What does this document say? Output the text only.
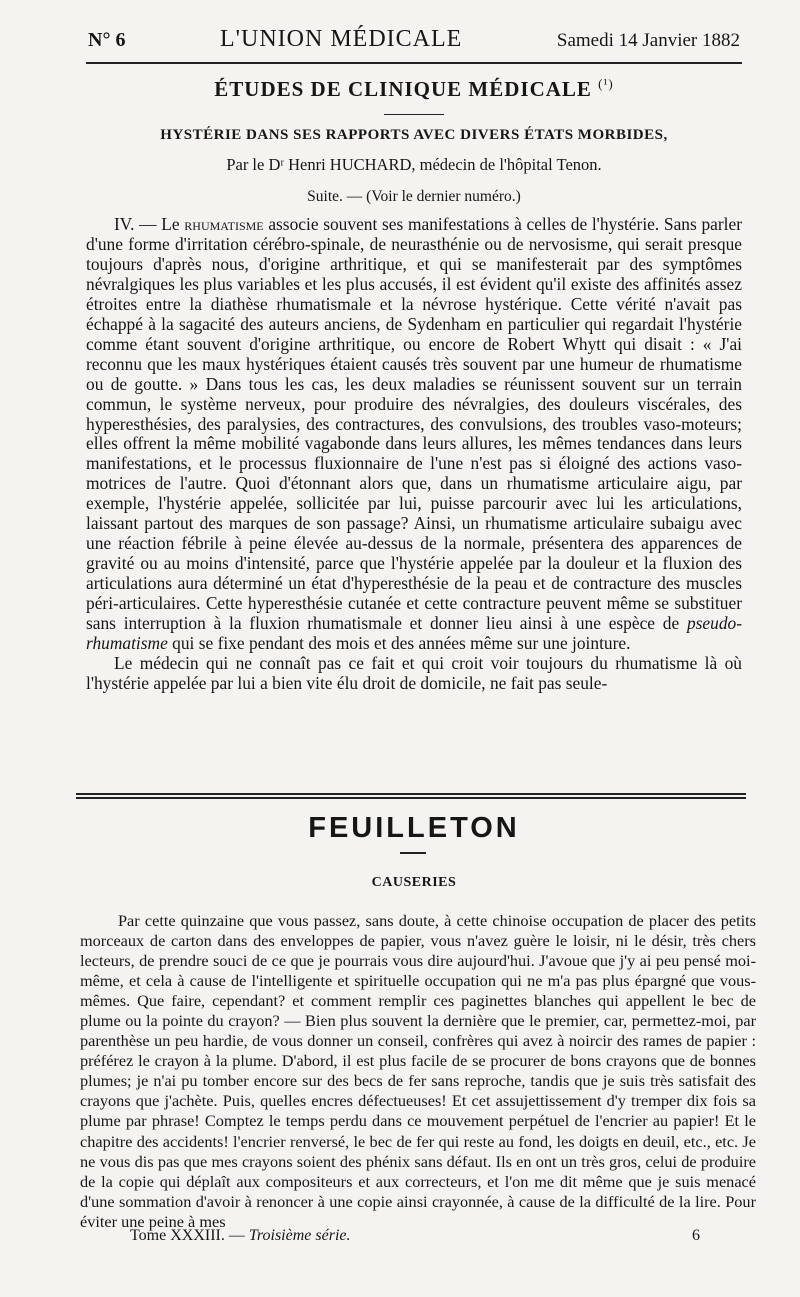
N° 6	L'UNION MÉDICALE	Samedi 14 Janvier 1882
ÉTUDES DE CLINIQUE MÉDICALE $^{(^1)}$
HYSTÉRIE DANS SES RAPPORTS AVEC DIVERS ÉTATS MORBIDES,
Par le Dʳ Henri HUCHARD, médecin de l'hôpital Tenon.
Suite. — (Voir le dernier numéro.)

IV. — Le rhumatisme associe souvent ses manifestations à celles de l'hystérie. Sans parler d'une forme d'irritation cérébro-spinale, de neurasthénie ou de nervosisme, qui serait presque toujours d'après nous, d'origine arthritique, et qui se manifesterait par des symptômes névralgiques les plus variables et les plus accusés, il est évident qu'il existe des affinités assez étroites entre la diathèse rhumatismale et la névrose hystérique. Cette vérité n'avait pas échappé à la sagacité des auteurs anciens, de Sydenham en particulier qui regardait l'hystérie comme étant souvent d'origine arthritique, ou encore de Robert Whytt qui disait : « J'ai reconnu que les maux hystériques étaient causés très souvent par une humeur de rhumatisme ou de goutte. » Dans tous les cas, les deux maladies se réunissent souvent sur un terrain commun, le système nerveux, pour produire des névralgies, des douleurs viscérales, des hyperesthésies, des paralysies, des contractures, des convulsions, des troubles vaso-moteurs; elles offrent la même mobilité vagabonde dans leurs allures, les mêmes tendances dans leurs manifestations, et le processus fluxionnaire de l'une n'est pas si éloigné des actions vaso-motrices de l'autre. Quoi d'étonnant alors que, dans un rhumatisme articulaire aigu, par exemple, l'hystérie appelée, sollicitée par lui, puisse parcourir avec lui les articulations, laissant partout des marques de son passage? Ainsi, un rhumatisme articulaire subaigu avec une réaction fébrile à peine élevée au-dessus de la normale, présentera des apparences de gravité ou au moins d'intensité, parce que l'hystérie appelée par la douleur et la fluxion des articulations aura déterminé un état d'hyperesthésie de la peau et de contracture des muscles péri-articulaires. Cette hyperesthésie cutanée et cette contracture peuvent même se substituer sans interruption à la fluxion rhumatismale et donner lieu ainsi à une espèce de pseudo-rhumatisme qui se fixe pendant des mois et des années même sur une jointure.

Le médecin qui ne connaît pas ce fait et qui croit voir toujours du rhumatisme là où l'hystérie appelée par lui a bien vite élu droit de domicile, ne fait pas seule-

FEUILLETON
CAUSERIES

Par cette quinzaine que vous passez, sans doute, à cette chinoise occupation de placer des petits morceaux de carton dans des enveloppes de papier, vous n'avez guère le loisir, ni le désir, très chers lecteurs, de prendre souci de ce que je pourrais vous dire aujourd'hui. J'avoue que j'y ai peu pensé moi-même, et cela à cause de l'intelligente et spirituelle occupation qui ne m'a pas plus épargné que vous-mêmes. Que faire, cependant? et comment remplir ces paginettes blanches qui appellent le bec de plume ou la pointe du crayon? — Bien plus souvent la dernière que le premier, car, permettez-moi, par parenthèse un peu hardie, de vous donner un conseil, confrères qui avez à noircir des rames de papier : préférez le crayon à la plume. D'abord, il est plus facile de se procurer de bons crayons que de bonnes plumes; je n'ai pu tomber encore sur des becs de fer sans reproche, tandis que je suis très satisfait des crayons que j'achète. Puis, quelles encres défectueuses! Et cet assujettissement d'y tremper dix fois sa plume par phrase! Comptez le temps perdu dans ce mouvement perpétuel de l'encrier au papier! Et le chapitre des accidents! l'encrier renversé, le bec de fer qui reste au fond, les doigts en deuil, etc., etc. Je ne vous dis pas que mes crayons soient des phénix sans défaut. Ils en ont un très gros, celui de produire de la copie qui déplaît aux compositeurs et aux correcteurs, et l'on me dit même que je suis menacé d'une sommation d'avoir à renoncer à une copie ainsi crayonnée, à cause de la difficulté de la lire. Pour éviter une peine à mes

Tome XXXIII. — Troisième série.	6
